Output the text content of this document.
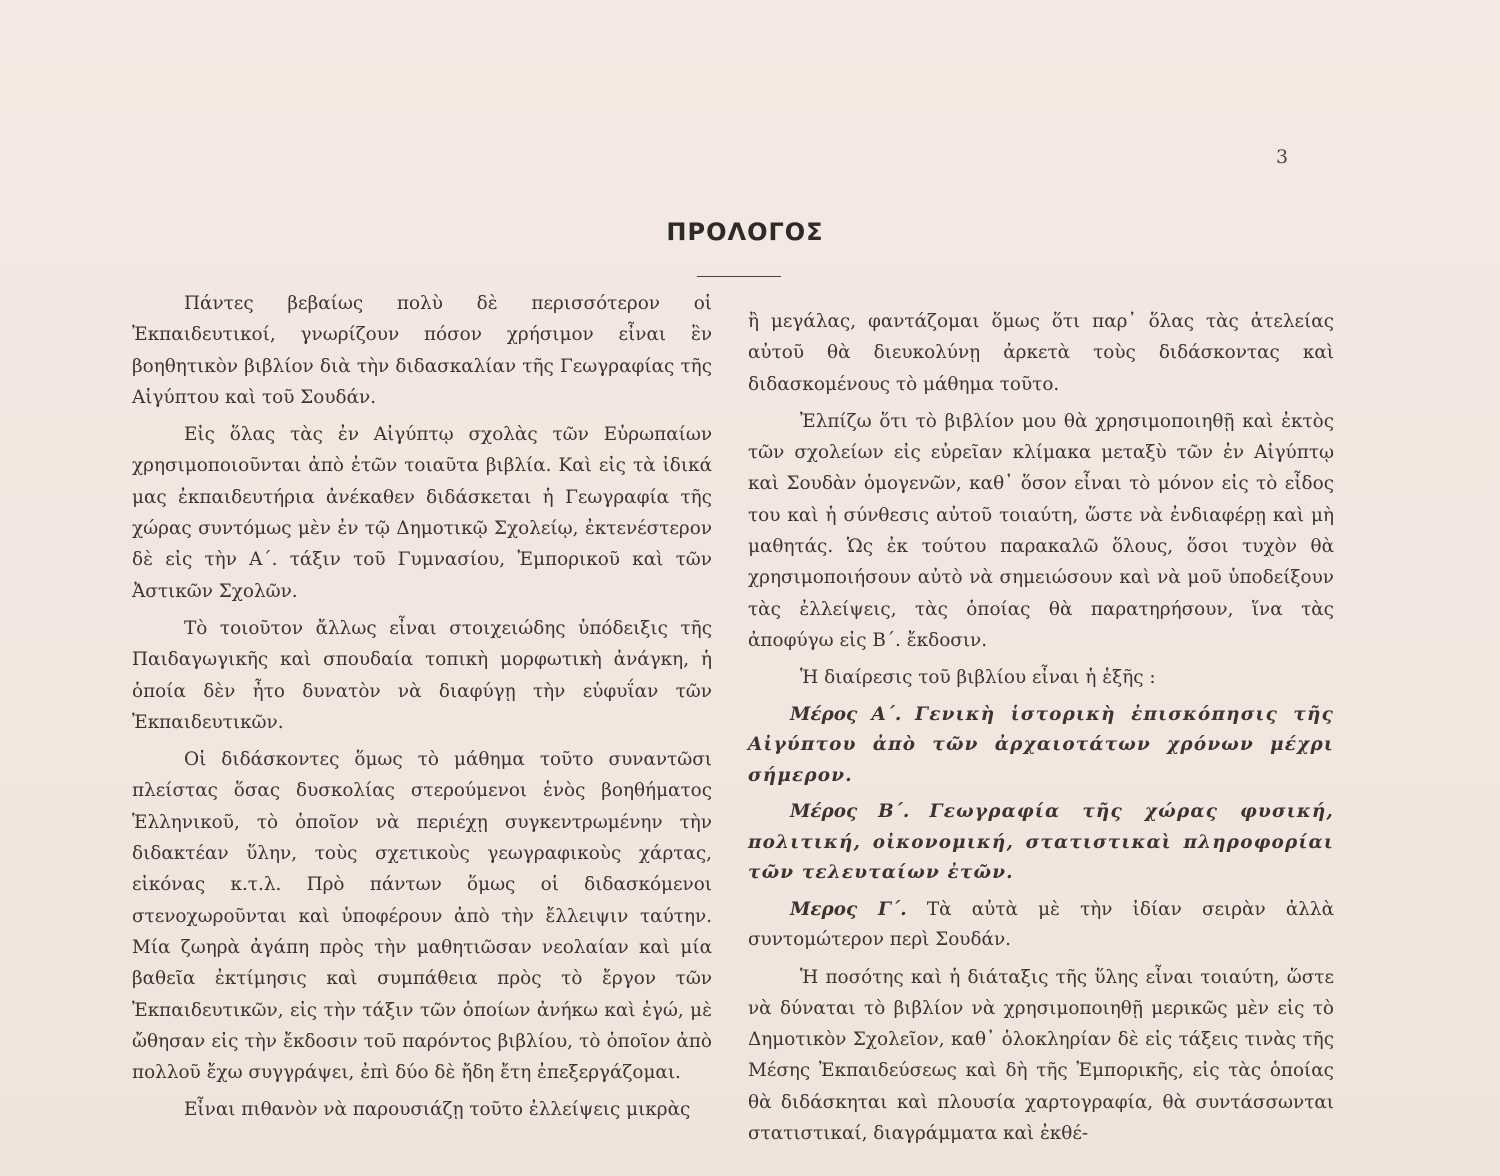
3
ΠΡΟΛΟΓΟΣ

Πάντες βεβαίως πολὺ δὲ περισσότερον οἱ Ἐκπαιδευτικοί, γνωρίζουν πόσον χρήσιμον εἶναι ἓν βοηθητικὸν βιβλίον διὰ τὴν διδασκαλίαν τῆς Γεωγραφίας τῆς Αἰγύπτου καὶ τοῦ Σουδάν.

Εἰς ὅλας τὰς ἐν Αἰγύπτῳ σχολὰς τῶν Εὐρωπαίων χρησιμοποιοῦνται ἀπὸ ἐτῶν τοιαῦτα βιβλία. Καὶ εἰς τὰ ἰδικά μας ἐκπαιδευτήρια ἀνέκαθεν διδάσκεται ἡ Γεωγραφία τῆς χώρας συντόμως μὲν ἐν τῷ Δημοτικῷ Σχολείῳ, ἐκτενέστερον δὲ εἰς τὴν Α΄. τάξιν τοῦ Γυμνασίου, Ἐμπορικοῦ καὶ τῶν Ἀστικῶν Σχολῶν.

Τὸ τοιοῦτον ἄλλως εἶναι στοιχειώδης ὑπόδειξις τῆς Παιδαγωγικῆς καὶ σπουδαία τοπικὴ μορφωτικὴ ἀνάγκη, ἡ ὁποία δὲν ἦτο δυνατὸν νὰ διαφύγῃ τὴν εὐφυΐαν τῶν Ἐκπαιδευτικῶν.

Οἱ διδάσκοντες ὅμως τὸ μάθημα τοῦτο συναντῶσι πλείστας ὅσας δυσκολίας στερούμενοι ἑνὸς βοηθήματος Ἑλληνικοῦ, τὸ ὁποῖον νὰ περιέχῃ συγκεντρωμένην τὴν διδακτέαν ὕλην, τοὺς σχετικοὺς γεωγραφικοὺς χάρτας, εἰκόνας κ.τ.λ. Πρὸ πάντων ὅμως οἱ διδασκόμενοι στενοχωροῦνται καὶ ὑποφέρουν ἀπὸ τὴν ἔλλειψιν ταύτην. Μία ζωηρὰ ἀγάπη πρὸς τὴν μαθητιῶσαν νεολαίαν καὶ μία βαθεῖα ἐκτίμησις καὶ συμπάθεια πρὸς τὸ ἔργον τῶν Ἐκπαιδευτικῶν, εἰς τὴν τάξιν τῶν ὁποίων ἀνήκω καὶ ἐγώ, μὲ ὤθησαν εἰς τὴν ἔκδοσιν τοῦ παρόντος βιβλίου, τὸ ὁποῖον ἀπὸ πολλοῦ ἔχω συγγράψει, ἐπὶ δύο δὲ ἤδη ἔτη ἐπεξεργάζομαι.

Εἶναι πιθανὸν νὰ παρουσιάζῃ τοῦτο ἐλλείψεις μικρὰς

ἢ μεγάλας, φαντάζομαι ὅμως ὅτι παρ᾽ ὅλας τὰς ἀτελείας αὐτοῦ θὰ διευκολύνῃ ἀρκετὰ τοὺς διδάσκοντας καὶ διδασκομένους τὸ μάθημα τοῦτο.

Ἐλπίζω ὅτι τὸ βιβλίον μου θὰ χρησιμοποιηθῇ καὶ ἐκτὸς τῶν σχολείων εἰς εὐρεῖαν κλίμακα μεταξὺ τῶν ἐν Αἰγύπτῳ καὶ Σουδὰν ὁμογενῶν, καθ᾽ ὅσον εἶναι τὸ μόνον εἰς τὸ εἶδος του καὶ ἡ σύνθεσις αὐτοῦ τοιαύτη, ὥστε νὰ ἐνδιαφέρῃ καὶ μὴ μαθητάς. Ὡς ἐκ τούτου παρακαλῶ ὅλους, ὅσοι τυχὸν θὰ χρησιμοποιήσουν αὐτὸ νὰ σημειώσουν καὶ νὰ μοῦ ὑποδείξουν τὰς ἐλλείψεις, τὰς ὁποίας θὰ παρατηρήσουν, ἵνα τὰς ἀποφύγω εἰς Β΄. ἔκδοσιν.

Ἡ διαίρεσις τοῦ βιβλίου εἶναι ἡ ἑξῆς :

Μέρος Α΄. Γενικὴ ἱστορικὴ ἐπισκόπησις τῆς Αἰγύπτου ἀπὸ τῶν ἀρχαιοτάτων χρόνων μέχρι σήμερον.

Μέρος Β΄. Γεωγραφία τῆς χώρας φυσική, πολιτική, οἰκονομική, στατιστικαὶ πληροφορίαι τῶν τελευταίων ἐτῶν.

Μερος Γ΄. Τὰ αὐτὰ μὲ τὴν ἰδίαν σειρὰν ἀλλὰ συντομώτερον περὶ Σουδάν.

Ἡ ποσότης καὶ ἡ διάταξις τῆς ὕλης εἶναι τοιαύτη, ὥστε νὰ δύναται τὸ βιβλίον νὰ χρησιμοποιηθῇ μερικῶς μὲν εἰς τὸ Δημοτικὸν Σχολεῖον, καθ᾽ ὁλοκληρίαν δὲ εἰς τάξεις τινὰς τῆς Μέσης Ἐκπαιδεύσεως καὶ δὴ τῆς Ἐμπορικῆς, εἰς τὰς ὁποίας θὰ διδάσκηται καὶ πλουσία χαρτογραφία, θὰ συντάσσωνται στατιστικαί, διαγράμματα καὶ ἐκθέ-
